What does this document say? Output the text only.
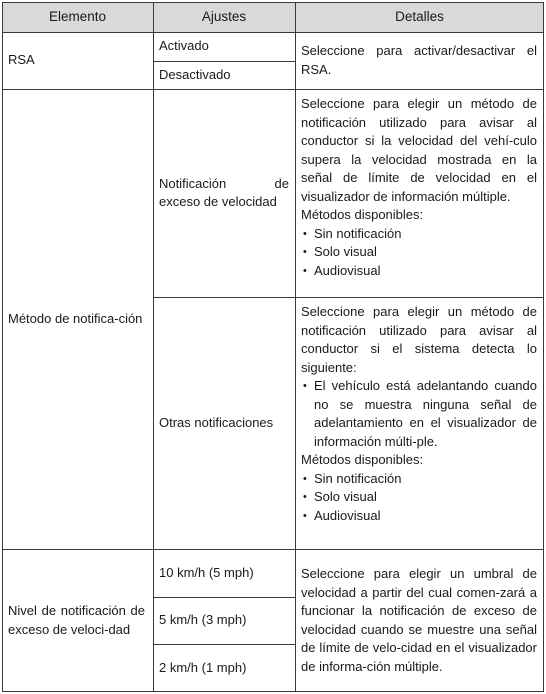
Elemento	Ajustes	Detalles
RSA
Activado
Desactivado

Seleccione para activar/desactivar el RSA.

Método de notifica-ción

Notificación de exceso de velocidad

Seleccione para elegir un método de notificación utilizado para avisar al conductor si la velocidad del vehí-culo supera la velocidad mostrada en la señal de límite de velocidad en el visualizador de información múltiple.

Métodos disponibles:

• Sin notificación
• Solo visual
• Audiovisual
Otras notificaciones

Seleccione para elegir un método de notificación utilizado para avisar al conductor si el sistema detecta lo siguiente:

• El vehículo está adelantando cuando no se muestra ninguna señal de adelantamiento en el visualizador de información múlti-ple.

Métodos disponibles:

• Sin notificación
• Solo visual
• Audiovisual

Nivel de notificación de exceso de veloci-dad

10 km/h (5 mph)
5 km/h (3 mph)
2 km/h (1 mph)

Seleccione para elegir un umbral de velocidad a partir del cual comen-zará a funcionar la notificación de exceso de velocidad cuando se muestre una señal de límite de velo-cidad en el visualizador de informa-ción múltiple.
